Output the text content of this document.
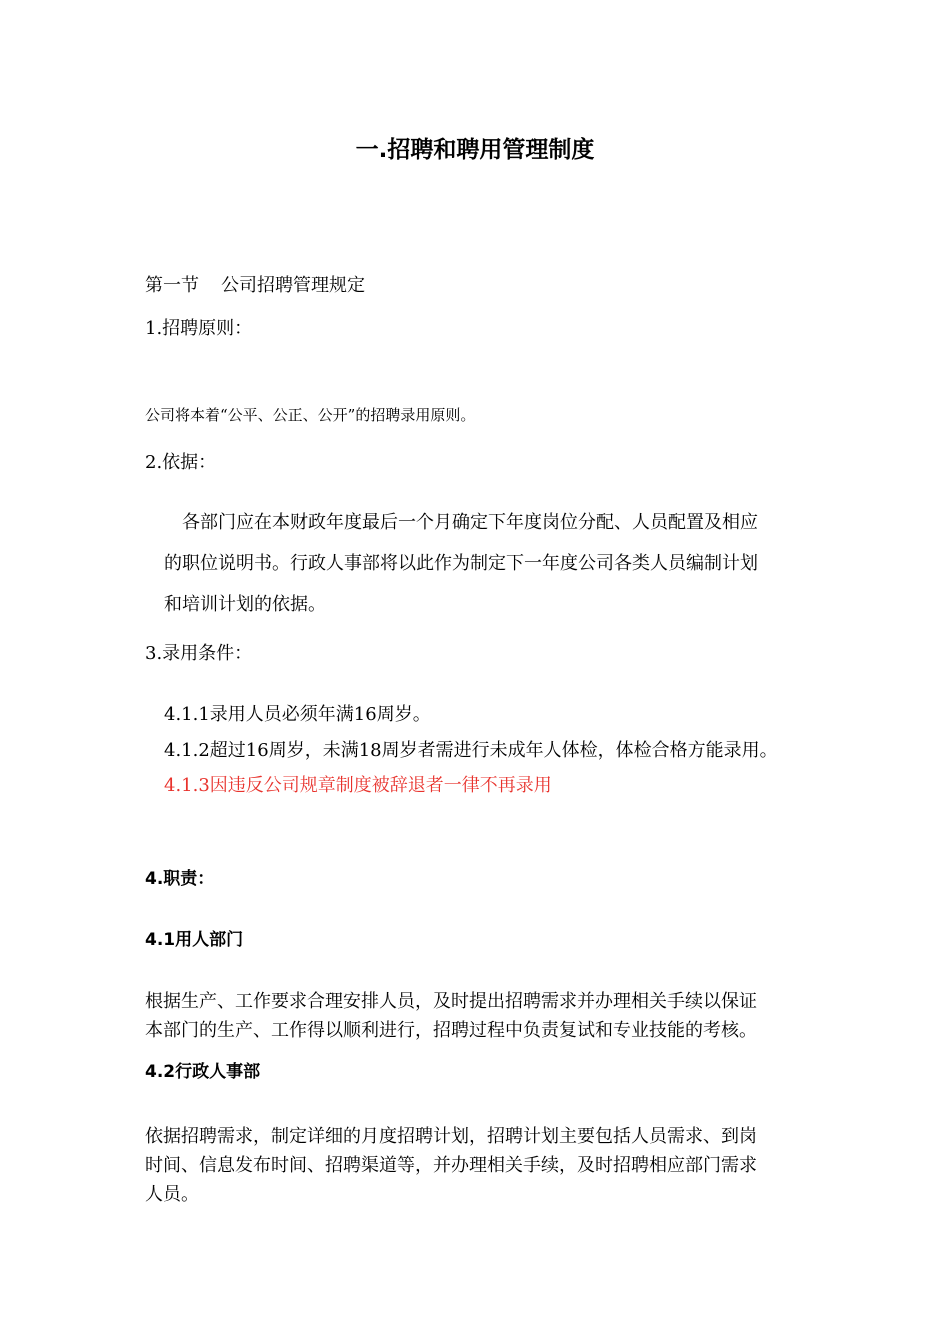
一.招聘和聘用管理制度
第一节 公司招聘管理规定
1.招聘原则：
公司将本着“公平、公正、公开”的招聘录用原则。
2.依据：
　各部门应在本财政年度最后一个月确定下年度岗位分配、人员配置及相应
的职位说明书。行政人事部将以此作为制定下一年度公司各类人员编制计划
和培训计划的依据。
3.录用条件：
4.1.1录用人员必须年满16周岁。
4.1.2超过16周岁，未满18周岁者需进行未成年人体检，体检合格方能录用。
4.1.3因违反公司规章制度被辞退者一律不再录用
4.职责：
4.1用人部门
根据生产、工作要求合理安排人员，及时提出招聘需求并办理相关手续以保证
本部门的生产、工作得以顺利进行，招聘过程中负责复试和专业技能的考核。
4.2行政人事部
依据招聘需求，制定详细的月度招聘计划，招聘计划主要包括人员需求、到岗
时间、信息发布时间、招聘渠道等，并办理相关手续，及时招聘相应部门需求
人员。
